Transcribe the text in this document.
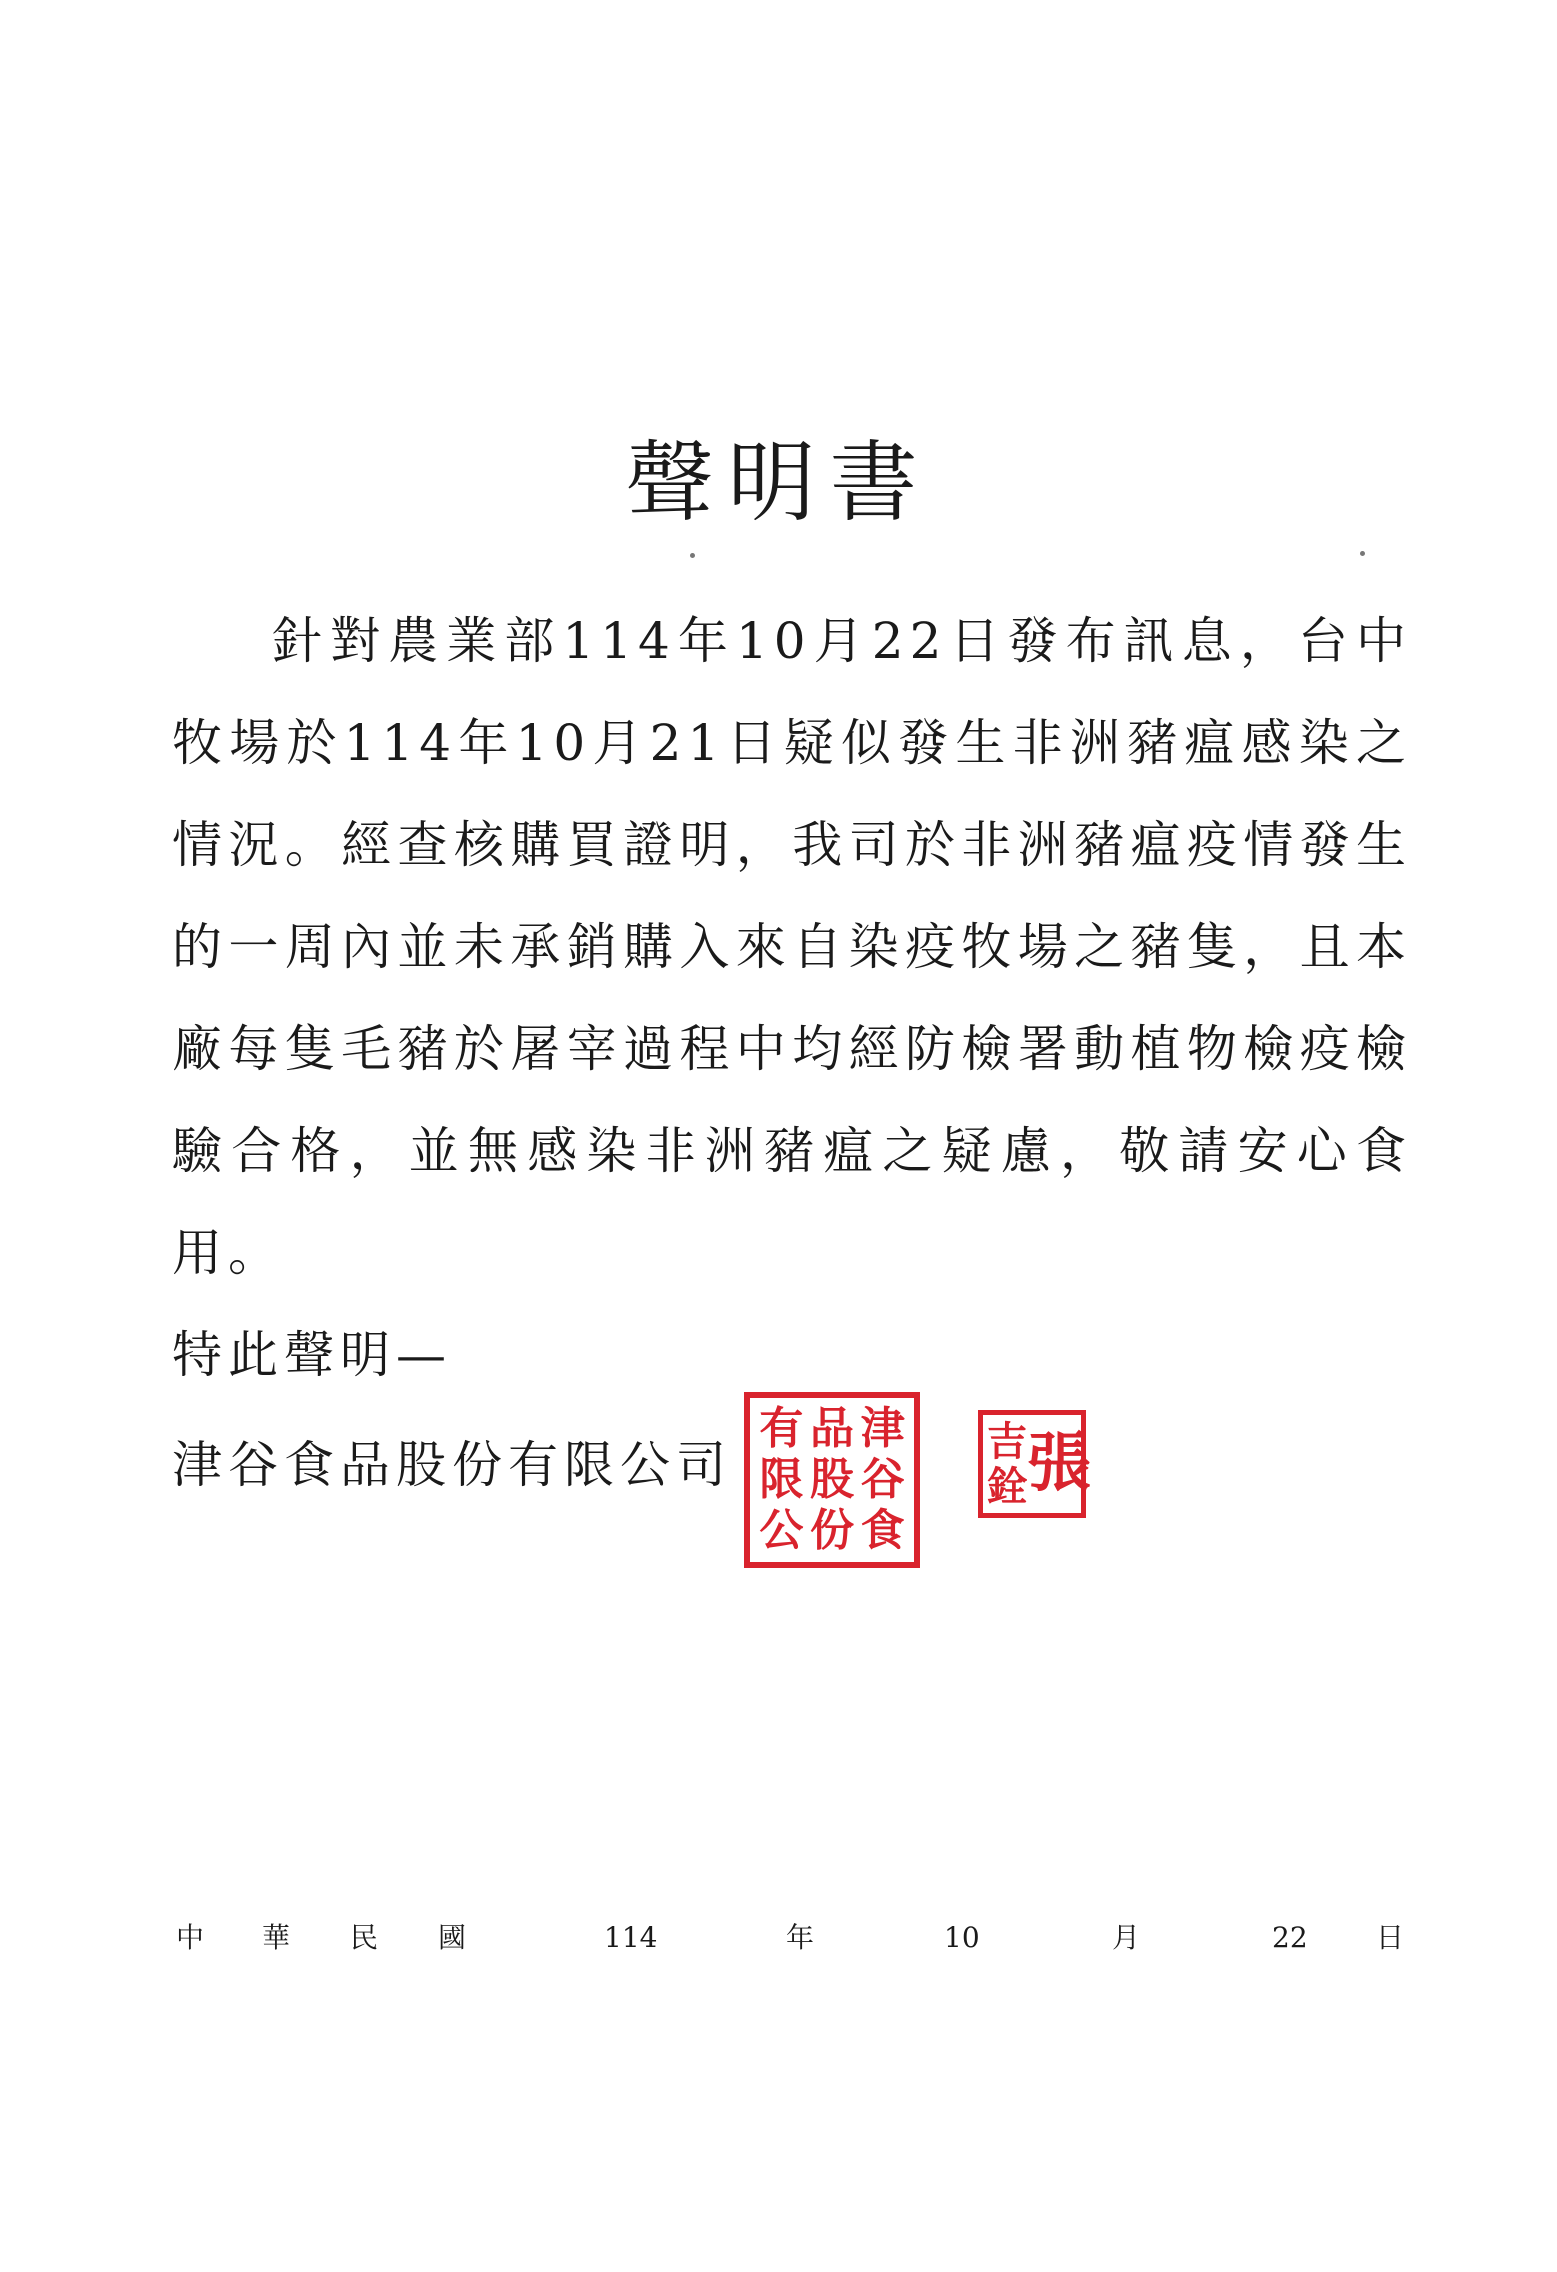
聲明書

針對農業部114年10月22日發布訊息，台中牧場於114年10月21日疑似發生非洲豬瘟感染之情況。經查核購買證明，我司於非洲豬瘟疫情發生的一周內並未承銷購入來自染疫牧場之豬隻，且本廠每隻毛豬於屠宰過程中均經防檢署動植物檢疫檢驗合格，並無感染非洲豬瘟之疑慮，敬請安心食用。

特此聲明—

津谷食品股份有限公司
有
限
公
品
股
份
津
谷
食
吉
銓 張
中 華 民 國	114	年	10	月	22 日
